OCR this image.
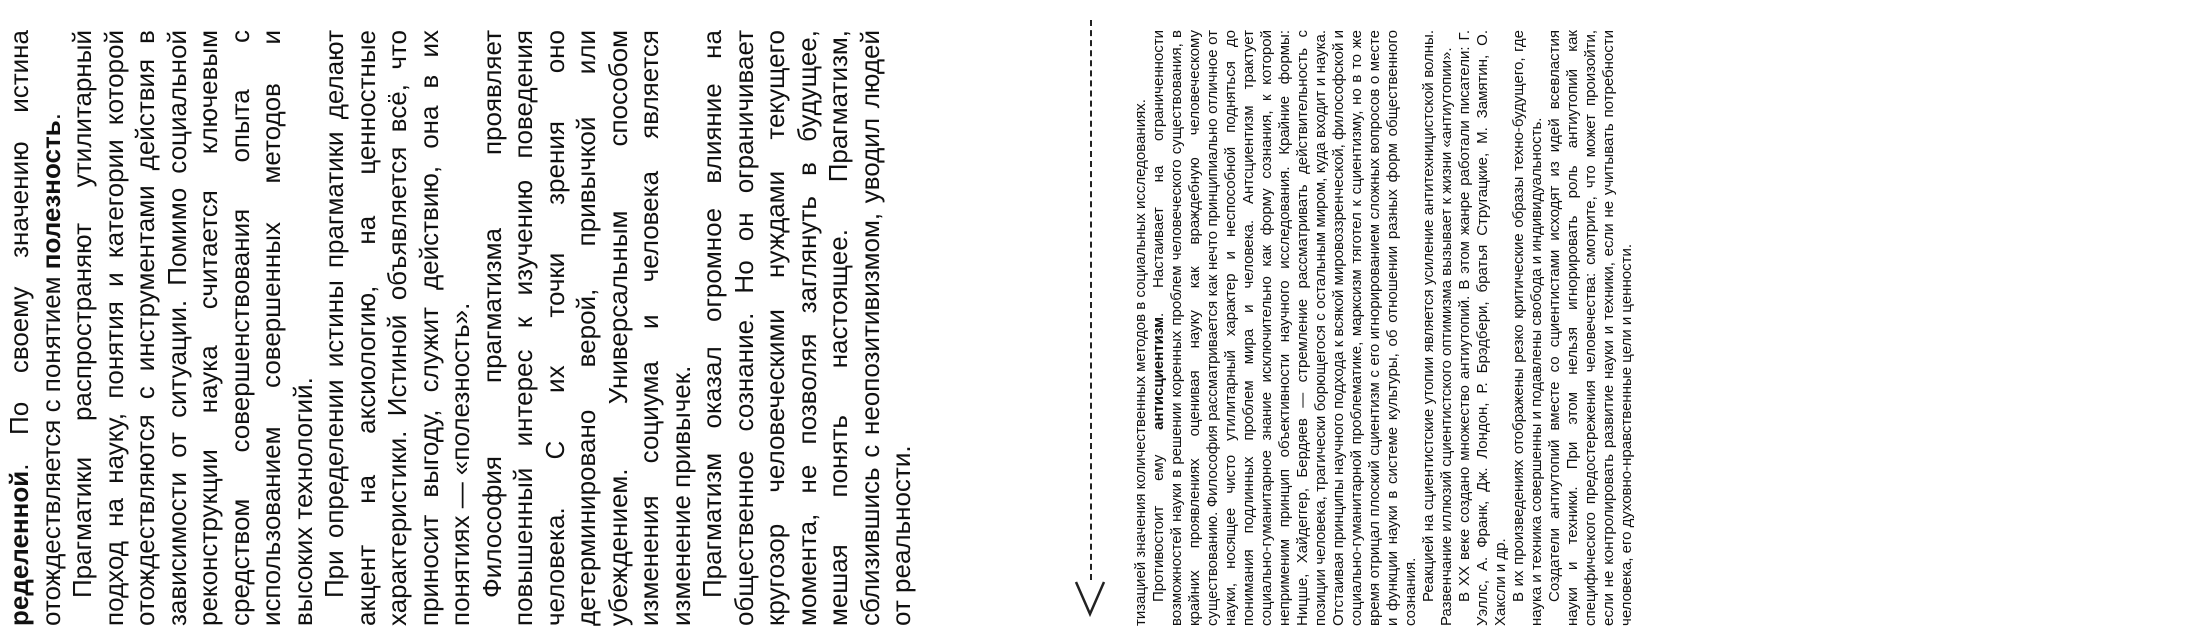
ределенной. По своему значению истина отождествляется с понятием полезность. Прагматики распространяют утилитарный подход на науку, понятия и категории которой отождествляются с инструментами действия в зависимости от ситуации. Помимо социальной реконструкции наука считается ключевым средством совершенствования опыта с использованием совершенных методов и высоких технологий. При определении истины прагматики делают акцент на аксиологию, на ценностные характеристики. Истиной объявляется всё, что приносит выгоду, служит действию, она в их понятиях — «полезность». Философия прагматизма проявляет повышенный интерес к изучению поведения человека. С их точки зрения оно детерминировано верой, привычкой или убеждением. Универсальным способом изменения социума и человека является изменение привычек. Прагматизм оказал огромное влияние на общественное сознание. Но он ограничивает кругозор человеческими нуждами текущего момента, не позволяя заглянуть в будущее, мешая понять настоящее. Прагматизм, сблизившись с неопозитивизмом, уводил людей от реальности.	тизацией значения количественных методов в социальных исследованиях. Противостоит ему антисциентизм. Настаивает на ограниченности возможностей науки в решении коренных проблем человеческого существования, в крайних проявлениях оценивая науку как враждебную человеческому существованию. Философия рассматривается как нечто принципиально отличное от науки, носящее чисто утилитарный характер и неспособной подняться до понимания подлинных проблем мира и человека. Антсциентизм трактует социально-гуманитарное знание исключительно как форму сознания, к которой неприменим принцип объективности научного исследования. Крайние формы: Ницше, Хайдеггер, Бердяев — стремление рассматривать действительность с позиции человека, трагически борющегося с остальным миром, куда входит и наука. Отстаивая принципы научного подхода к всякой мировоззренческой, философской и социально-гуманитарной проблематике, марксизм тяготел к сциентизму, но в то же время отрицал плоский сциентизм с его игнорированием сложных вопросов о месте и функции науки в системе культуры, об отношении разных форм общественного сознания. Реакцией на сциентистские утопии является усиление антитехницистской волны. Развенчание иллюзий сциентистского оптимизма вызывает к жизни «антиутопии». В XX веке создано множество антиутопий. В этом жанре работали писатели: Г. Уэллс, А. Франк, Дж. Лондон, Р. Брэдбери, братья Стругацкие, М. Замятин, О. Хаксли и др. В их произведениях отображены резко критические образы техно-будущего, где наука и техника совершенны и подавлены свобода и индивидуальность. Создатели антиутопий вместе со сциентистами исходят из идей всевластия науки и техники. При этом нельзя игнорировать роль антиутопий как специфического предостережения человечества: смотрите, что может произойти, если не контролировать развитие науки и техники, если не учитывать потребности человека, его духовно-нравственные цели и ценности.
